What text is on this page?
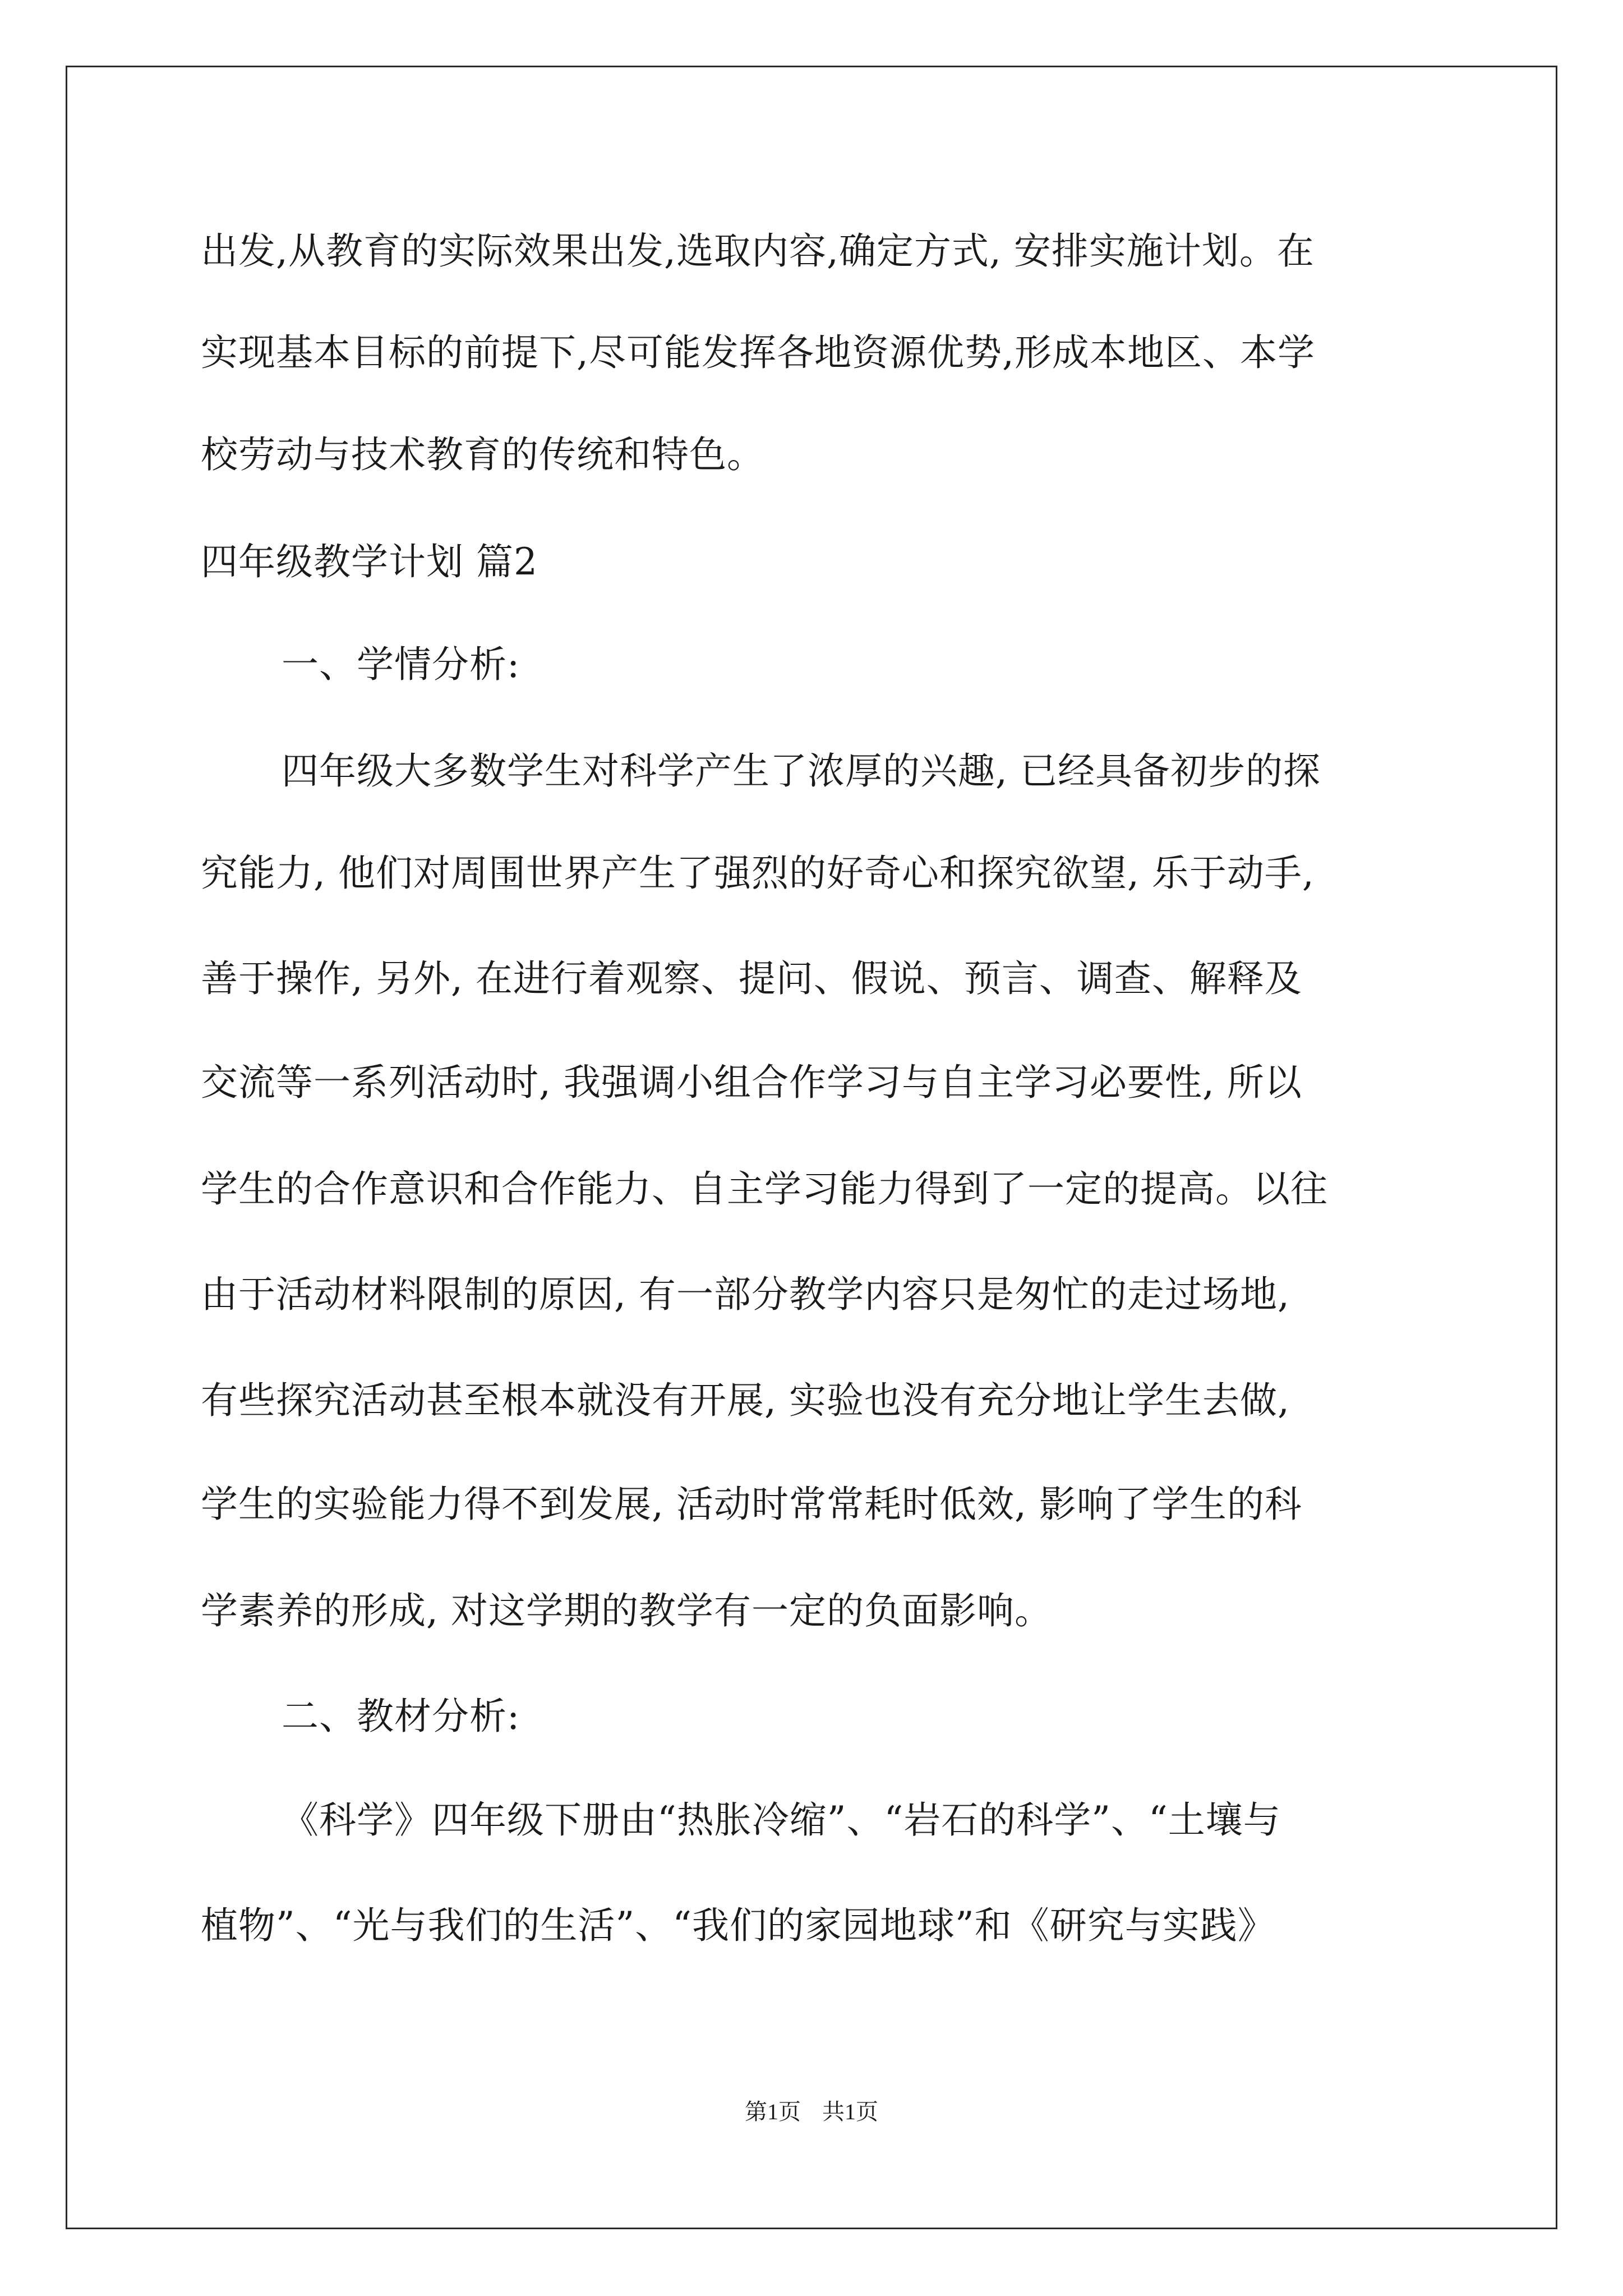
出发,从教育的实际效果出发,选取内容,确定方式, 安排实施计划。在
实现基本目标的前提下,尽可能发挥各地资源优势,形成本地区、本学
校劳动与技术教育的传统和特色。
四年级教学计划 篇2
一、学情分析:
四年级大多数学生对科学产生了浓厚的兴趣, 已经具备初步的探
究能力, 他们对周围世界产生了强烈的好奇心和探究欲望, 乐于动手,
善于操作, 另外, 在进行着观察、提问、假说、预言、调查、解释及
交流等一系列活动时, 我强调小组合作学习与自主学习必要性, 所以
学生的合作意识和合作能力、自主学习能力得到了一定的提高。以往
由于活动材料限制的原因, 有一部分教学内容只是匆忙的走过场地,
有些探究活动甚至根本就没有开展, 实验也没有充分地让学生去做,
学生的实验能力得不到发展, 活动时常常耗时低效, 影响了学生的科
学素养的形成, 对这学期的教学有一定的负面影响。
二、教材分析:
《科学》四年级下册由“热胀冷缩”、“岩石的科学”、“土壤与
植物”、“光与我们的生活”、“我们的家园地球”和《研究与实践》
第1页 共1页
